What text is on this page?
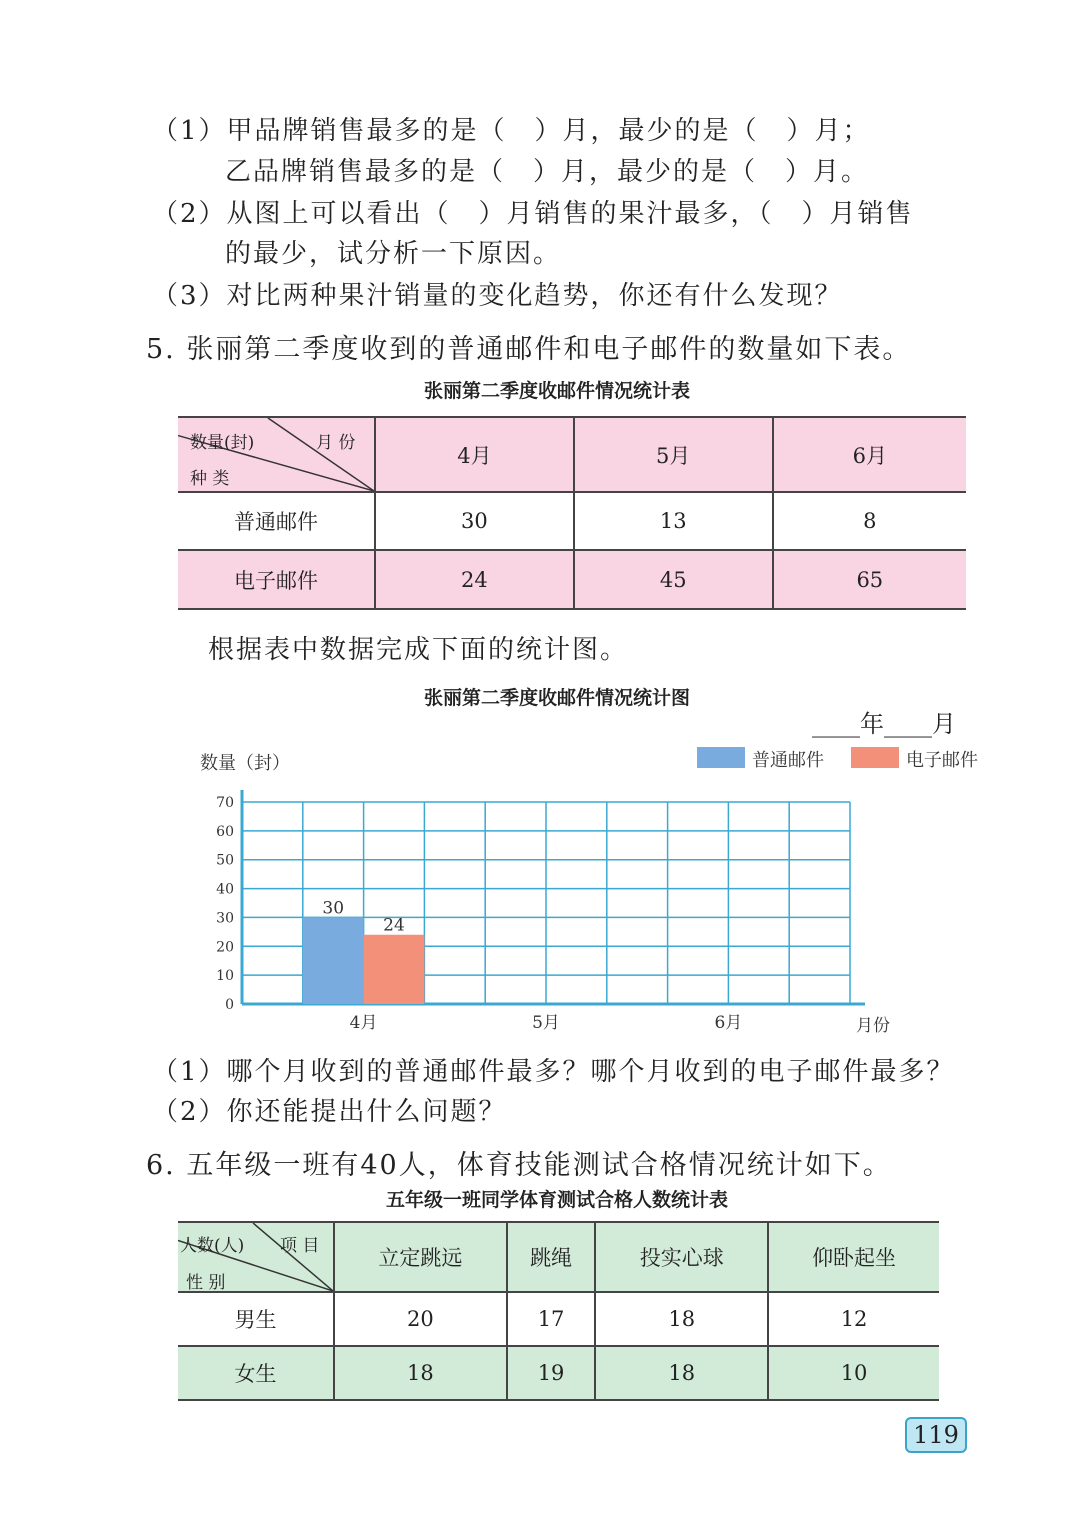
（1）甲品牌销售最多的是（　）月，最少的是（　）月；
乙品牌销售最多的是（　）月，最少的是（　）月。
（2）从图上可以看出（　）月销售的果汁最多，（　）月销售
的最少，试分析一下原因。
（3）对比两种果汁销量的变化趋势，你还有什么发现？
5. 张丽第二季度收到的普通邮件和电子邮件的数量如下表。
张丽第二季度收邮件情况统计表
数量(封) 月 份
种 类	4月	5月	6月
普通邮件	30	13	8
电子邮件	24	45	65
根据表中数据完成下面的统计图。
张丽第二季度收邮件情况统计图
____年____月
0
10
20
30
40
50
60
70
4月
30
24
5月	6月	月份
数量（封）	普通邮件	电子邮件
（1）哪个月收到的普通邮件最多？哪个月收到的电子邮件最多？
（2）你还能提出什么问题？
6. 五年级一班有40人，体育技能测试合格情况统计如下。
五年级一班同学体育测试合格人数统计表
人数(人) 项 目
性 别	立定跳远	跳绳	投实心球	仰卧起坐
男生	20	17	18	12
女生	18	19	18	10
119
